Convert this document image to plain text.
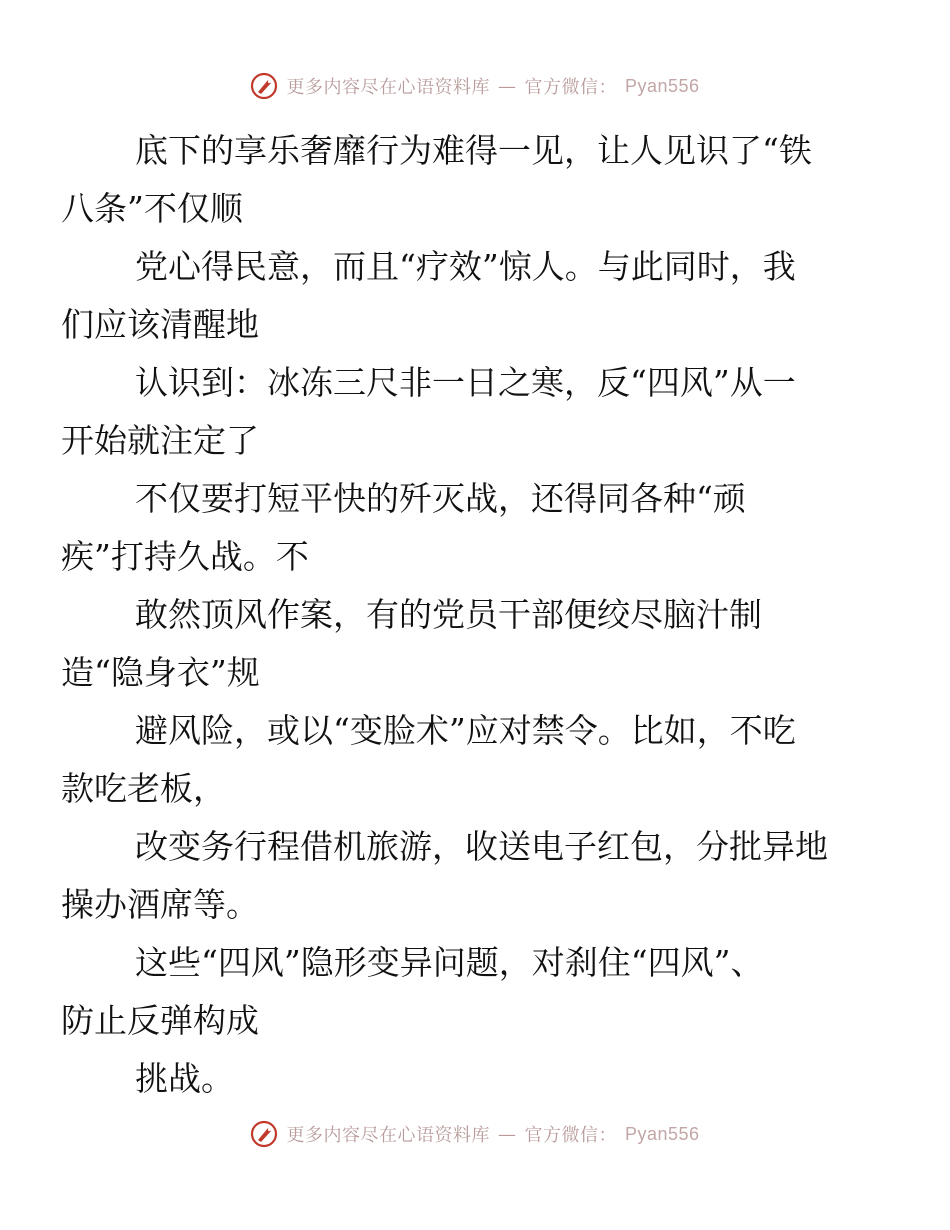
更多内容尽在心语资料库 — 官方微信： Pyan556

底下的享乐奢靡行为难得一见，让人见识了“铁
八条”不仅顺

党心得民意，而且“疗效”惊人。与此同时，我
们应该清醒地

认识到：冰冻三尺非一日之寒，反“四风”从一
开始就注定了

不仅要打短平快的歼灭战，还得同各种“顽
疾”打持久战。不

敢然顶风作案，有的党员干部便绞尽脑汁制
造“隐身衣”规

避风险，或以“变脸术”应对禁令。比如，不吃
款吃老板，

改变务行程借机旅游，收送电子红包，分批异地
操办酒席等。

这些“四风”隐形变异问题，对刹住“四风”、
防止反弹构成

挑战。

更多内容尽在心语资料库 — 官方微信： Pyan556
